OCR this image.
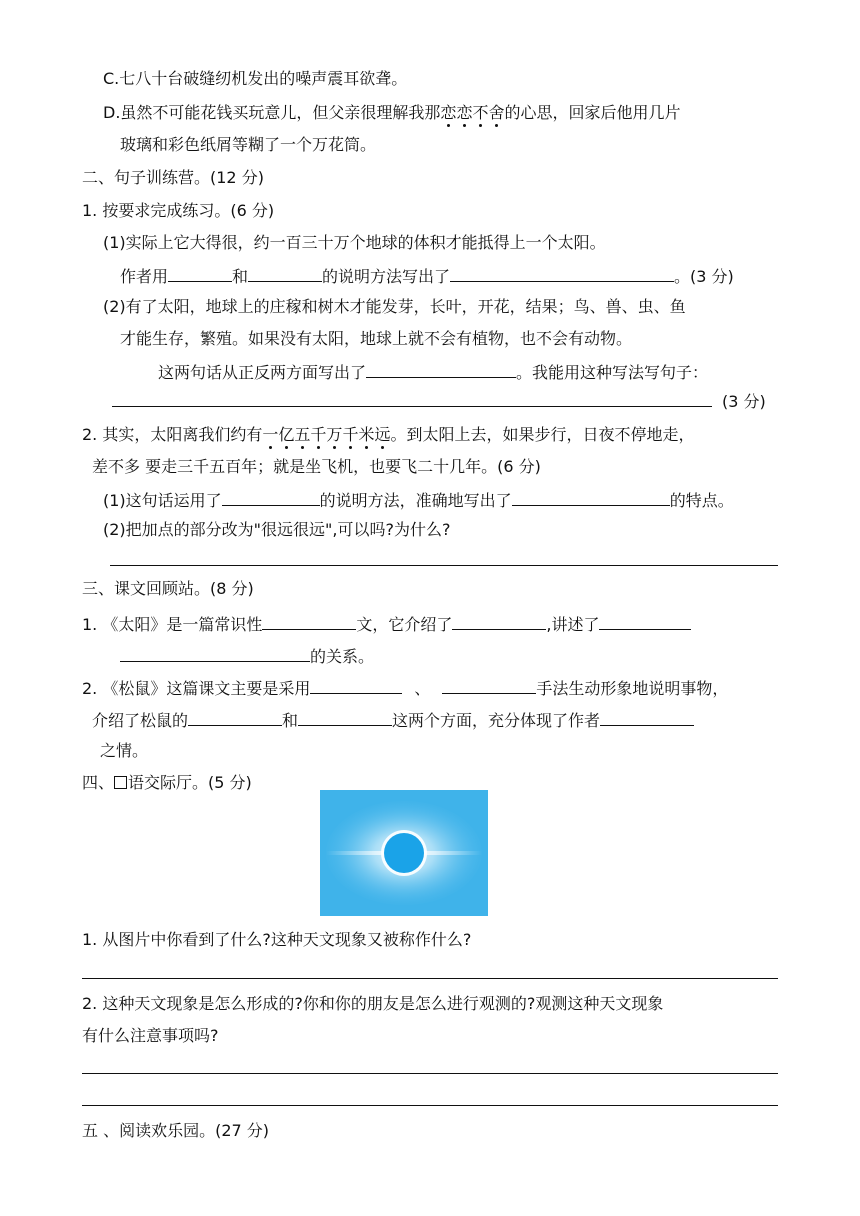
C.七八十台破缝纫机发出的噪声震耳欲聋。
D.虽然不可能花钱买玩意儿，但父亲很理解我那恋恋不舍的心思，回家后他用几片
玻璃和彩色纸屑等糊了一个万花筒。
二、句子训练营。(12 分)
1. 按要求完成练习。(6 分)
(1)实际上它大得很，约一百三十万个地球的体积才能抵得上一个太阳。
作者用	和	的说明方法写出了	。(3 分)
(2)有了太阳，地球上的庄稼和树木才能发芽，长叶，开花，结果；鸟、兽、虫、鱼
才能生存，繁殖。如果没有太阳，地球上就不会有植物，也不会有动物。
这两句话从正反两方面写出了	。我能用这种写法写句子：
(3 分)
2. 其实，太阳离我们约有一亿五千万千米远。到太阳上去，如果步行，日夜不停地走，
差不多 要走三千五百年；就是坐飞机，也要飞二十几年。(6 分)
(1)这句话运用了	的说明方法，准确地写出了	的特点。
(2)把加点的部分改为"很远很远",可以吗?为什么?
三、课文回顾站。(8 分)
1. 《太阳》是一篇常识性	文，它介绍了	,讲述了
的关系。
2. 《松鼠》这篇课文主要是采用	、	手法生动形象地说明事物，
介绍了松鼠的	和	这两个方面，充分体现了作者
之情。
四、 语交际厅。(5 分)
1. 从图片中你看到了什么?这种天文现象又被称作什么?
2. 这种天文现象是怎么形成的?你和你的朋友是怎么进行观测的?观测这种天文现象
有什么注意事项吗?
五 、阅读欢乐园。(27 分)
